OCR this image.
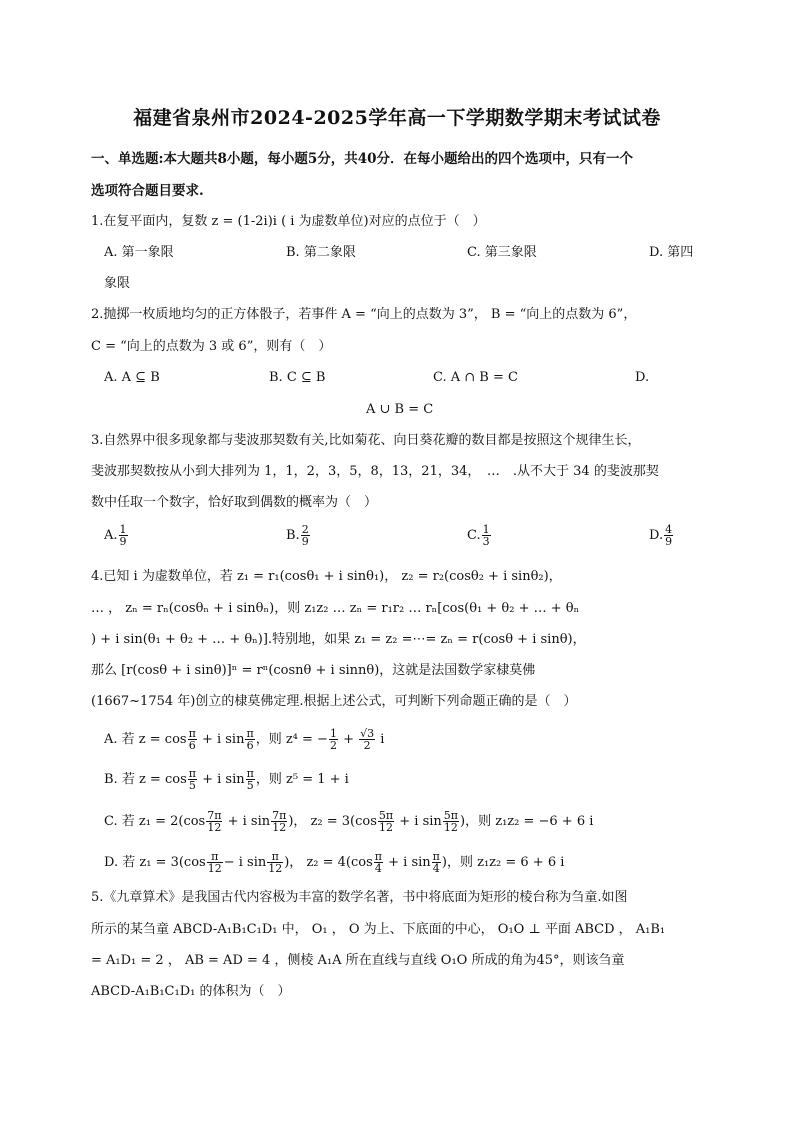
福建省泉州市2024-2025学年高一下学期数学期末考试试卷
一、单选题:本大题共8小题，每小题5分，共40分．在每小题给出的四个选项中，只有一个
选项符合题目要求.
1.在复平面内，复数 z = (1-2i)i ( i 为虚数单位)对应的点位于（　）
A. 第一象限	B. 第二象限	C. 第三象限	D. 第四
象限
2.抛掷一枚质地均匀的正方体骰子，若事件 A = “向上的点数为 3”， B = “向上的点数为 6”，
C = “向上的点数为 3 或 6”，则有（　）
A. A ⊆ B	B. C ⊆ B	C. A ∩ B = C	D.
A ∪ B = C
3.自然界中很多现象都与斐波那契数有关,比如菊花、向日葵花瓣的数目都是按照这个规律生长，
斐波那契数按从小到大排列为 1，1，2，3，5，8，13，21，34，　…　.从不大于 34 的斐波那契
数中任取一个数字，恰好取到偶数的概率为（　）
A. $\frac{1}{9}$	B. $\frac{2}{9}$	C. $\frac{1}{3}$	D. $\frac{4}{9}$
4.已知 i 为虚数单位，若 z₁ = r₁(cosθ₁ + i sinθ₁)， z₂ = r₂(cosθ₂ + i sinθ₂)，
… ， zₙ = rₙ(cosθₙ + i sinθₙ)，则 z₁z₂ … zₙ = r₁r₂ … rₙ[cos(θ₁ + θ₂ + … + θₙ
) + i sin(θ₁ + θ₂ + … + θₙ)].特别地，如果 z₁ = z₂ =⋯= zₙ = r(cosθ + i sinθ)，
那么 [r(cosθ + i sinθ)]ⁿ = rⁿ(cosnθ + i sinnθ)，这就是法国数学家棣莫佛
(1667~1754 年)创立的棣莫佛定理.根据上述公式，可判断下列命题正确的是（　）
A. 若 $z = \cos \frac{\pi}{6} + i$ $\sin \frac{\pi}{6}$ ，则 z⁴ = − $\frac{1}{2} + \frac{√3}{2}$ i
B. 若 $z = \cos \frac{\pi}{5} + i$ $\sin \frac{\pi}{5}$ ，则 z⁵ = 1 + i
C. 若 $z_1 = 2(\cos \frac{7\pi}{12} + i$ $\sin \frac{7\pi}{12}$ )， $z_2 = 3(\cos \frac{5\pi}{12} + i$ $\sin \frac{5\pi}{12}$ )，则 z₁z₂ = −6 + 6 i
D. 若 $z_1 = 3(\cos \frac{\pi}{12} - i$ $\sin \frac{\pi}{12}$ )， $z_2 = 4(\cos \frac{\pi}{4} + i$ $\sin \frac{\pi}{4}$ )，则 z₁z₂ = 6 + 6 i
5.《九章算术》是我国古代内容极为丰富的数学名著，书中将底面为矩形的棱台称为刍童.如图
所示的某刍童 ABCD-A₁B₁C₁D₁ 中， O₁ ， O 为上、下底面的中心， O₁O ⊥ 平面 ABCD ， A₁B₁
= A₁D₁ = 2 ， AB = AD = 4 ，侧棱 A₁A 所在直线与直线 O₁O 所成的角为45°，则该刍童
ABCD-A₁B₁C₁D₁ 的体积为（　）
